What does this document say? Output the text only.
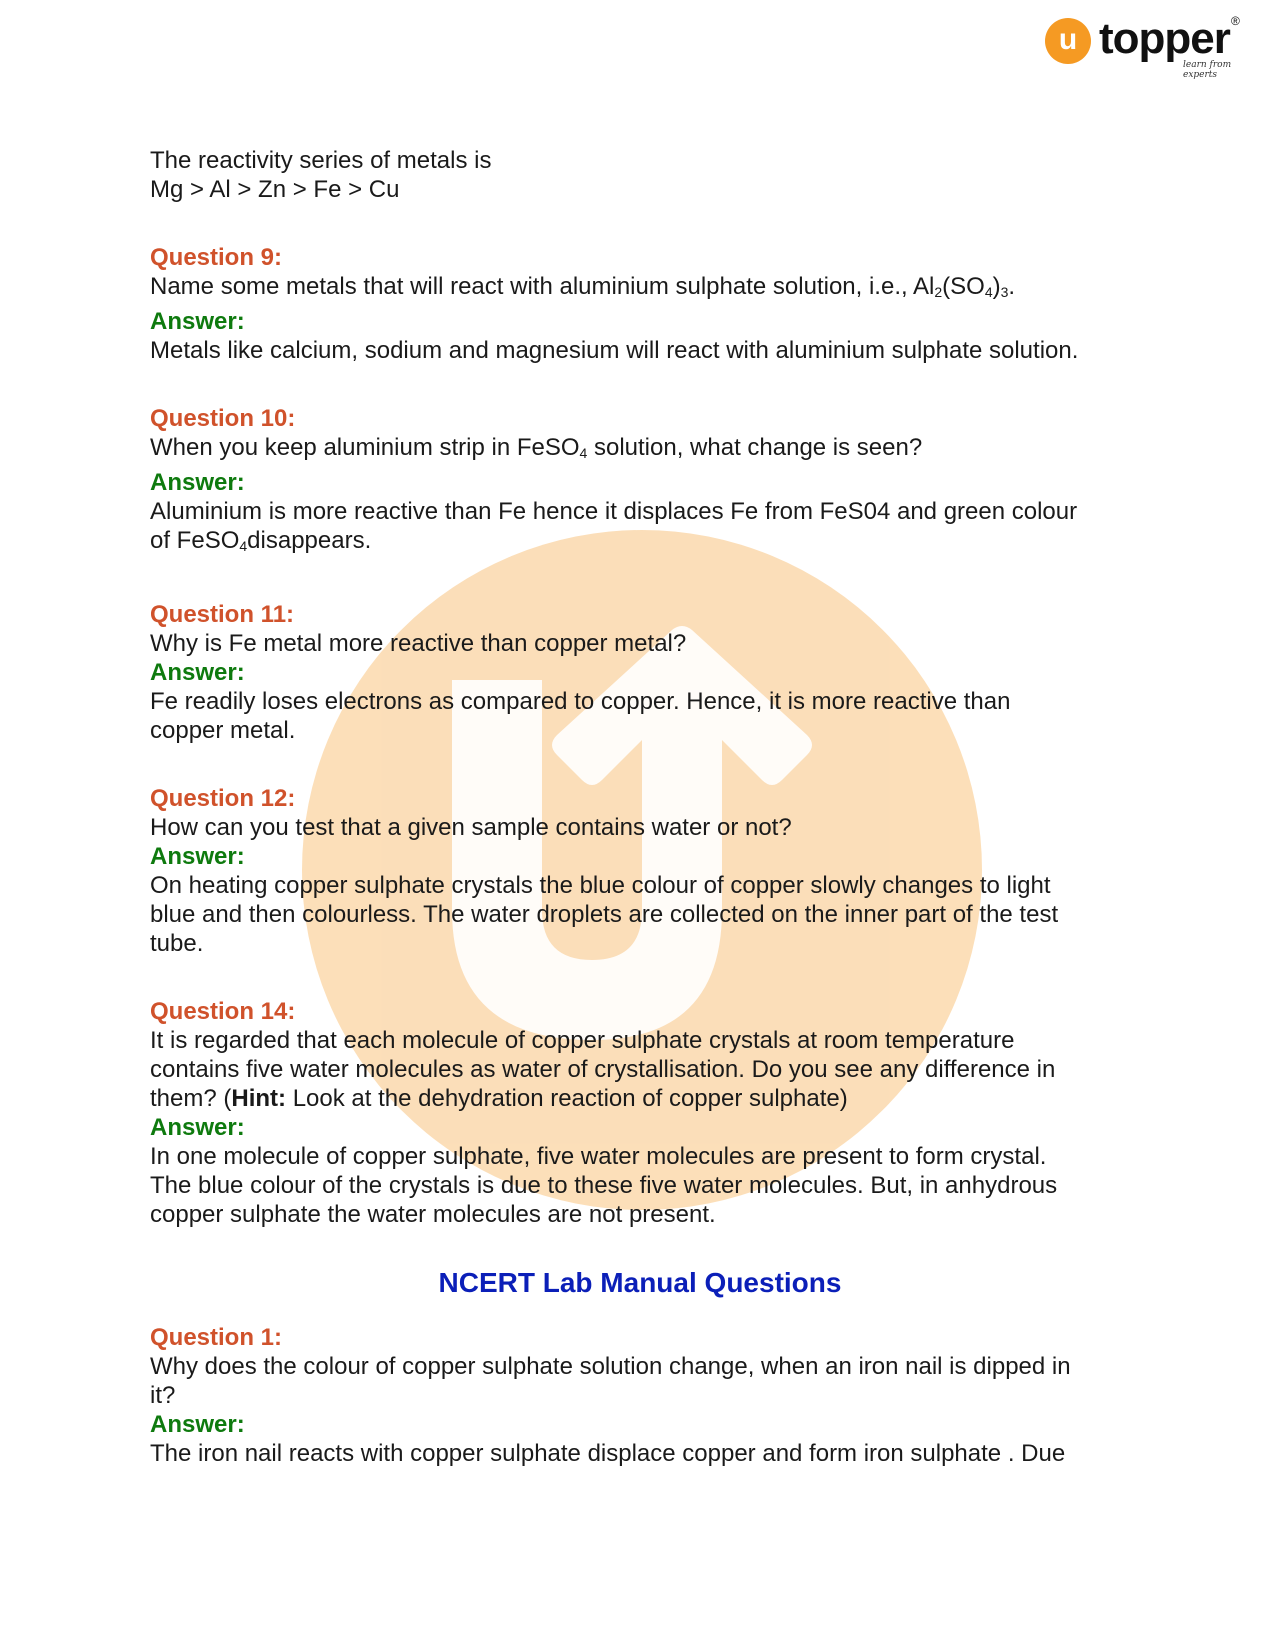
u topper ®
learn from experts
The reactivity series of metals is
Mg > Al > Zn > Fe > Cu
Question 9:
Name some metals that will react with aluminium sulphate solution, i.e., $Al_2(SO_4)_3$.
Answer:
Metals like calcium, sodium and magnesium will react with aluminium sulphate solution.
Question 10:
When you keep aluminium strip in FeSO$_4$ solution, what change is seen?
Answer:
Aluminium is more reactive than Fe hence it displaces Fe from FeS04 and green colour
of FeSO$_4$disappears.
Question 11:
Why is Fe metal more reactive than copper metal?
Answer:
Fe readily loses electrons as compared to copper. Hence, it is more reactive than
copper metal.
Question 12:
How can you test that a given sample contains water or not?
Answer:
On heating copper sulphate crystals the blue colour of copper slowly changes to light
blue and then colourless. The water droplets are collected on the inner part of the test
tube.
Question 14:
It is regarded that each molecule of copper sulphate crystals at room temperature
contains five water molecules as water of crystallisation. Do you see any difference in
them? (Hint: Look at the dehydration reaction of copper sulphate)
Answer:
In one molecule of copper sulphate, five water molecules are present to form crystal.
The blue colour of the crystals is due to these five water molecules. But, in anhydrous
copper sulphate the water molecules are not present.
NCERT Lab Manual Questions
Question 1:
Why does the colour of copper sulphate solution change, when an iron nail is dipped in
it?
Answer:
The iron nail reacts with copper sulphate displace copper and form iron sulphate . Due
